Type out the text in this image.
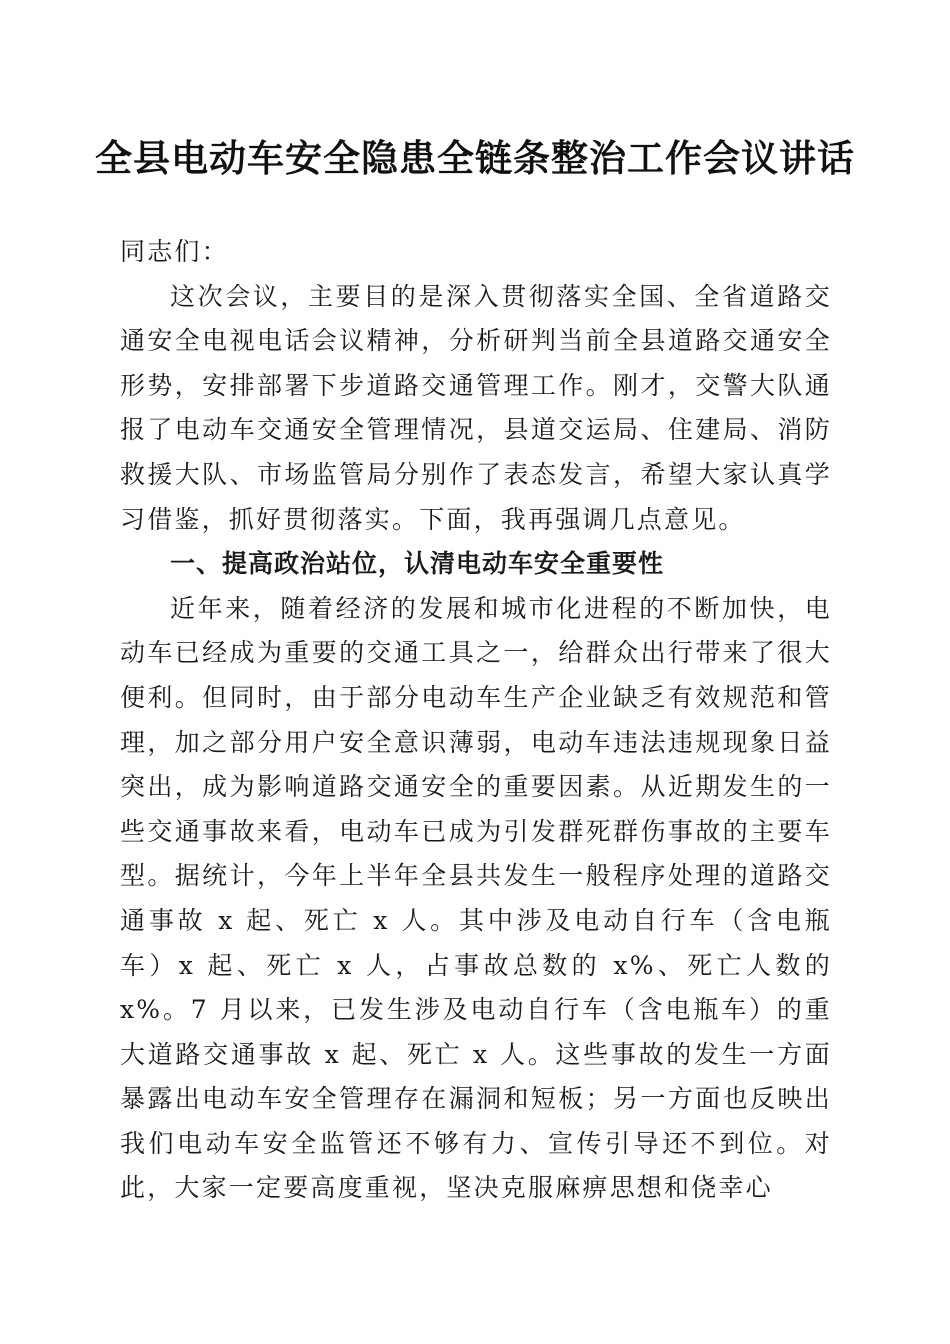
全县电动车安全隐患全链条整治工作会议讲话

同志们：

这次会议，主要目的是深入贯彻落实全国、全省道路交通安全电视电话会议精神，分析研判当前全县道路交通安全形势，安排部署下步道路交通管理工作。刚才，交警大队通报了电动车交通安全管理情况，县道交运局、住建局、消防救援大队、市场监管局分别作了表态发言，希望大家认真学习借鉴，抓好贯彻落实。下面，我再强调几点意见。

一、提高政治站位，认清电动车安全重要性

近年来，随着经济的发展和城市化进程的不断加快，电动车已经成为重要的交通工具之一，给群众出行带来了很大便利。但同时，由于部分电动车生产企业缺乏有效规范和管理，加之部分用户安全意识薄弱，电动车违法违规现象日益突出，成为影响道路交通安全的重要因素。从近期发生的一些交通事故来看，电动车已成为引发群死群伤事故的主要车型。据统计，今年上半年全县共发生一般程序处理的道路交通事故 x 起、死亡 x 人。其中涉及电动自行车（含电瓶车）x 起、死亡 x 人，占事故总数的 x%、死亡人数的 x%。7 月以来，已发生涉及电动自行车（含电瓶车）的重大道路交通事故 x 起、死亡 x 人。这些事故的发生一方面暴露出电动车安全管理存在漏洞和短板；另一方面也反映出我们电动车安全监管还不够有力、宣传引导还不到位。对此，大家一定要高度重视，坚决克服麻痹思想和侥幸心
